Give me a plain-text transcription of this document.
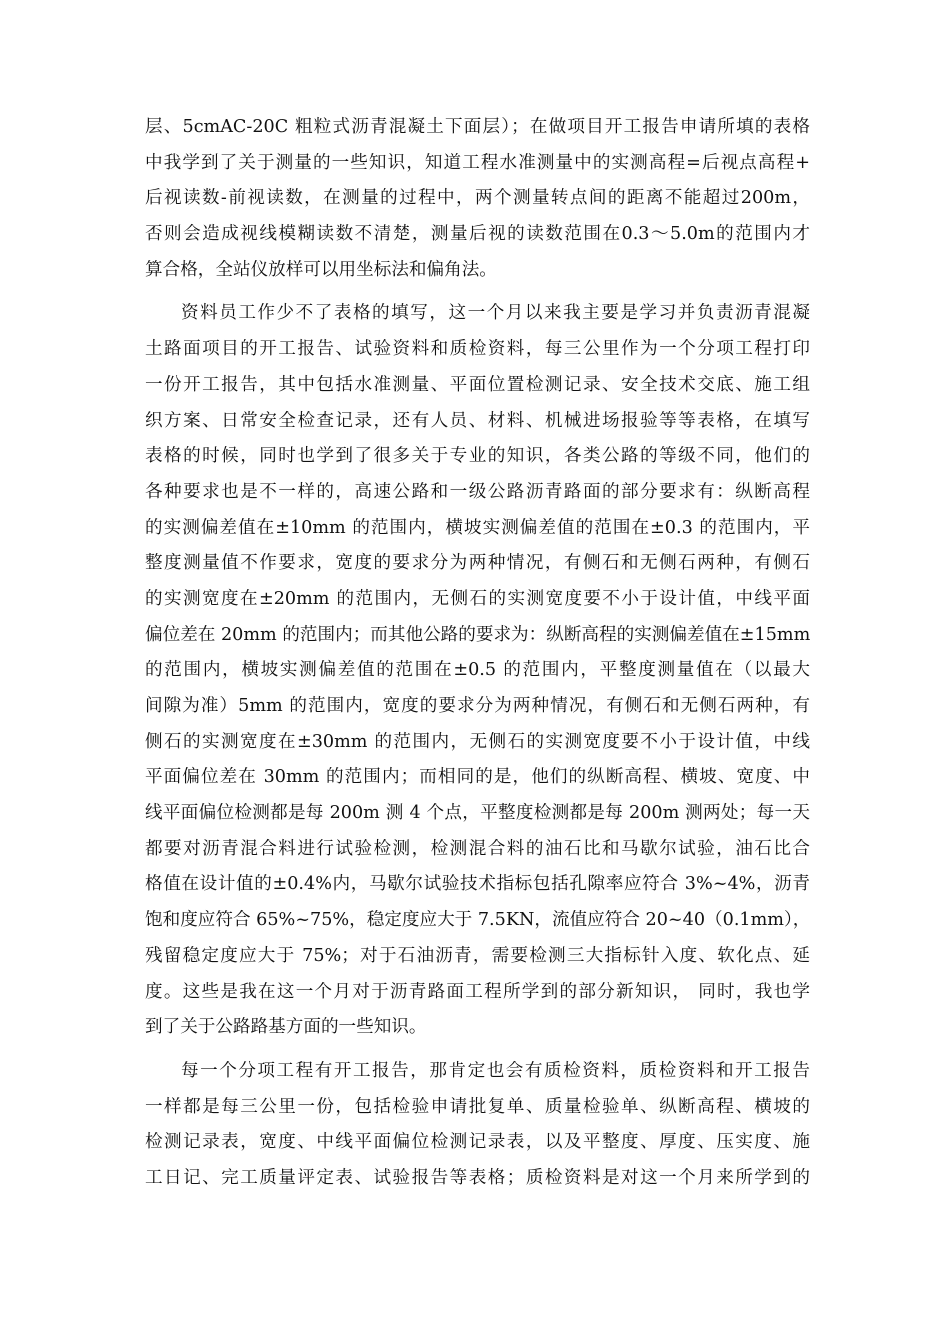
层、5cmAC-20C 粗粒式沥青混凝土下面层）；在做项目开工报告申请所填的表格
中我学到了关于测量的一些知识，知道工程水准测量中的实测高程=后视点高程+
后视读数-前视读数，在测量的过程中，两个测量转点间的距离不能超过200m，
否则会造成视线模糊读数不清楚，测量后视的读数范围在0.3～5.0m的范围内才
算合格，全站仪放样可以用坐标法和偏角法。
资料员工作少不了表格的填写，这一个月以来我主要是学习并负责沥青混凝
土路面项目的开工报告、试验资料和质检资料，每三公里作为一个分项工程打印
一份开工报告，其中包括水准测量、平面位置检测记录、安全技术交底、施工组
织方案、日常安全检查记录，还有人员、材料、机械进场报验等等表格，在填写
表格的时候，同时也学到了很多关于专业的知识，各类公路的等级不同，他们的
各种要求也是不一样的，高速公路和一级公路沥青路面的部分要求有：纵断高程
的实测偏差值在±10mm 的范围内，横坡实测偏差值的范围在±0.3 的范围内，平
整度测量值不作要求，宽度的要求分为两种情况，有侧石和无侧石两种，有侧石
的实测宽度在±20mm 的范围内，无侧石的实测宽度要不小于设计值，中线平面
偏位差在 20mm 的范围内；而其他公路的要求为：纵断高程的实测偏差值在±15mm
的范围内，横坡实测偏差值的范围在±0.5 的范围内，平整度测量值在（以最大
间隙为准）5mm 的范围内，宽度的要求分为两种情况，有侧石和无侧石两种，有
侧石的实测宽度在±30mm 的范围内，无侧石的实测宽度要不小于设计值，中线
平面偏位差在 30mm 的范围内；而相同的是，他们的纵断高程、横坡、宽度、中
线平面偏位检测都是每 200m 测 4 个点，平整度检测都是每 200m 测两处；每一天
都要对沥青混合料进行试验检测，检测混合料的油石比和马歇尔试验，油石比合
格值在设计值的±0.4%内，马歇尔试验技术指标包括孔隙率应符合 3%~4%，沥青
饱和度应符合 65%~75%，稳定度应大于 7.5KN，流值应符合 20~40（0.1mm），
残留稳定度应大于 75%；对于石油沥青，需要检测三大指标针入度、软化点、延
度。这些是我在这一个月对于沥青路面工程所学到的部分新知识， 同时，我也学
到了关于公路路基方面的一些知识。
每一个分项工程有开工报告，那肯定也会有质检资料，质检资料和开工报告
一样都是每三公里一份，包括检验申请批复单、质量检验单、纵断高程、横坡的
检测记录表，宽度、中线平面偏位检测记录表，以及平整度、厚度、压实度、施
工日记、完工质量评定表、试验报告等表格；质检资料是对这一个月来所学到的
